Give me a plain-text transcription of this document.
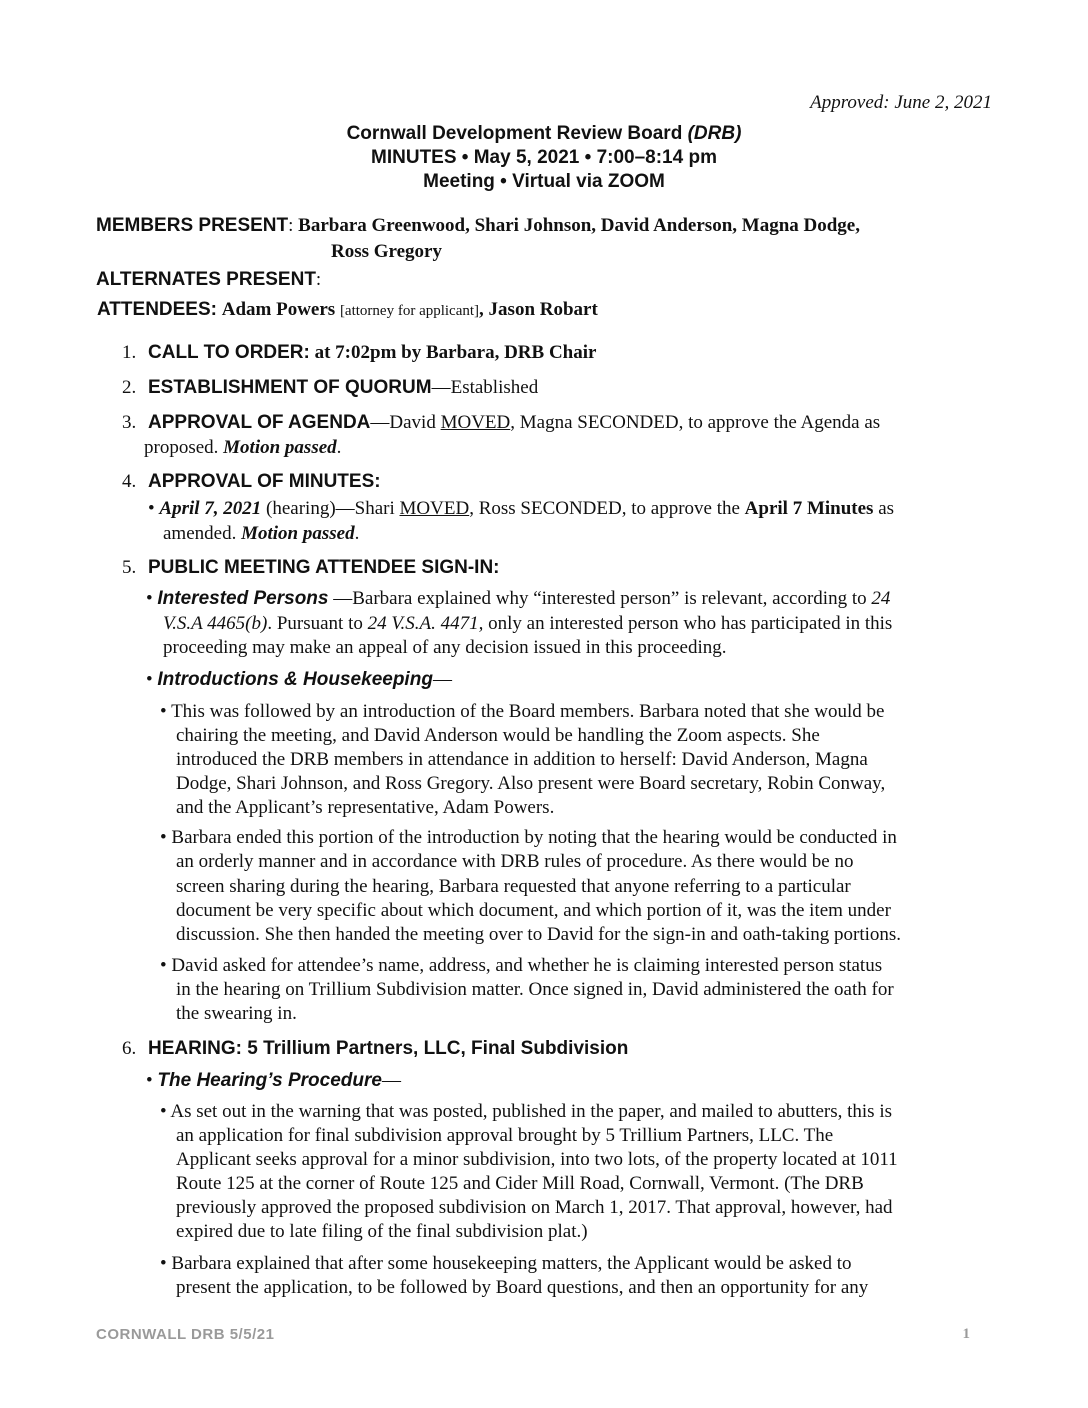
Approved: June 2, 2021
Cornwall Development Review Board (DRB)
MINUTES • May 5, 2021 • 7:00–8:14 pm
Meeting • Virtual via ZOOM
MEMBERS PRESENT: Barbara Greenwood, Shari Johnson, David Anderson, Magna Dodge,
Ross Gregory
ALTERNATES PRESENT:
ATTENDEES: Adam Powers [attorney for applicant], Jason Robart
1. CALL TO ORDER: at 7:02pm by Barbara, DRB Chair
2. ESTABLISHMENT OF QUORUM—Established
3. APPROVAL OF AGENDA—David MOVED, Magna SECONDED, to approve the Agenda as
proposed. Motion passed.
4. APPROVAL OF MINUTES:
• April 7, 2021 (hearing)—Shari MOVED, Ross SECONDED, to approve the April 7 Minutes as
amended. Motion passed.
5. PUBLIC MEETING ATTENDEE SIGN-IN:
• Interested Persons —Barbara explained why “interested person” is relevant, according to 24
V.S.A 4465(b). Pursuant to 24 V.S.A. 4471, only an interested person who has participated in this
proceeding may make an appeal of any decision issued in this proceeding.
• Introductions & Housekeeping—
• This was followed by an introduction of the Board members. Barbara noted that she would be
chairing the meeting, and David Anderson would be handling the Zoom aspects. She
introduced the DRB members in attendance in addition to herself: David Anderson, Magna
Dodge, Shari Johnson, and Ross Gregory. Also present were Board secretary, Robin Conway,
and the Applicant’s representative, Adam Powers.
• Barbara ended this portion of the introduction by noting that the hearing would be conducted in
an orderly manner and in accordance with DRB rules of procedure. As there would be no
screen sharing during the hearing, Barbara requested that anyone referring to a particular
document be very specific about which document, and which portion of it, was the item under
discussion. She then handed the meeting over to David for the sign-in and oath-taking portions.
• David asked for attendee’s name, address, and whether he is claiming interested person status
in the hearing on Trillium Subdivision matter. Once signed in, David administered the oath for
the swearing in.
6. HEARING: 5 Trillium Partners, LLC, Final Subdivision
• The Hearing’s Procedure—
• As set out in the warning that was posted, published in the paper, and mailed to abutters, this is
an application for final subdivision approval brought by 5 Trillium Partners, LLC. The
Applicant seeks approval for a minor subdivision, into two lots, of the property located at 1011
Route 125 at the corner of Route 125 and Cider Mill Road, Cornwall, Vermont. (The DRB
previously approved the proposed subdivision on March 1, 2017. That approval, however, had
expired due to late filing of the final subdivision plat.)
• Barbara explained that after some housekeeping matters, the Applicant would be asked to
present the application, to be followed by Board questions, and then an opportunity for any
CORNWALL DRB 5/5/21	1
